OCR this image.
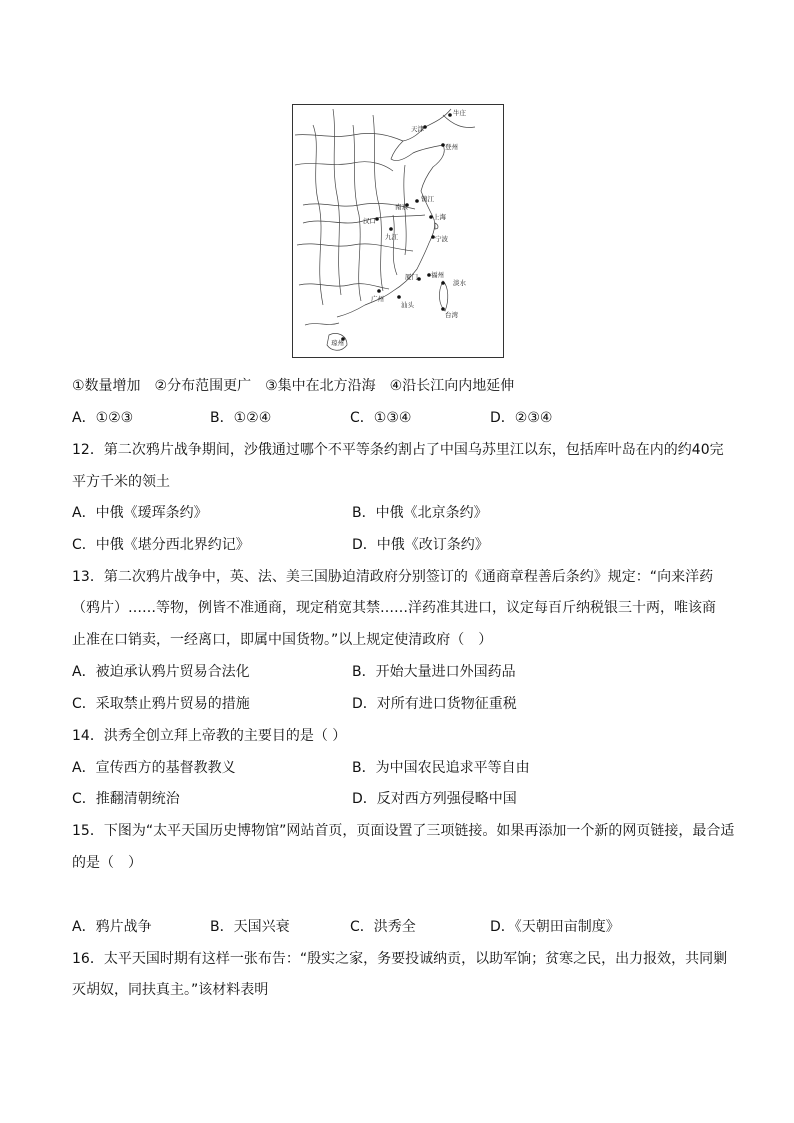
牛庄
天津
登州
镇江
南京
上海
汉口
九江	宁波
厦门 福州
淡水
广州
汕头
台湾
琼州
①数量增加　②分布范围更广　③集中在北方沿海　④沿长江向内地延伸
A．①②③	B．①②④	C．①③④	D．②③④
12．第二次鸦片战争期间，沙俄通过哪个不平等条约割占了中国乌苏里江以东，包括库叶岛在内的约40完
平方千米的领土
A．中俄《瑷珲条约》	B．中俄《北京条约》
C．中俄《堪分西北界约记》	D．中俄《改订条约》
13．第二次鸦片战争中，英、法、美三国胁迫清政府分别签订的《通商章程善后条约》规定：“向来洋药
（鸦片）……等物，例皆不准通商，现定稍宽其禁……洋药准其进口，议定每百斤纳税银三十两，唯该商
止准在口销卖，一经离口，即属中国货物。”以上规定使清政府（　）
A．被迫承认鸦片贸易合法化	B．开始大量进口外国药品
C．采取禁止鸦片贸易的措施	D．对所有进口货物征重税
14．洪秀全创立拜上帝教的主要目的是（ ）
A．宣传西方的基督教教义	B．为中国农民追求平等自由
C．推翻清朝统治	D．反对西方列强侵略中国
15．下图为“太平天国历史博物馆”网站首页，页面设置了三项链接。如果再添加一个新的网页链接，最合适
的是（　）
A．鸦片战争	B．天国兴衰	C．洪秀全	D．《天朝田亩制度》
16．太平天国时期有这样一张布告：“殷实之家，务要投诚纳贡，以助军饷；贫寒之民，出力报效，共同剿
灭胡奴，同扶真主。”该材料表明
